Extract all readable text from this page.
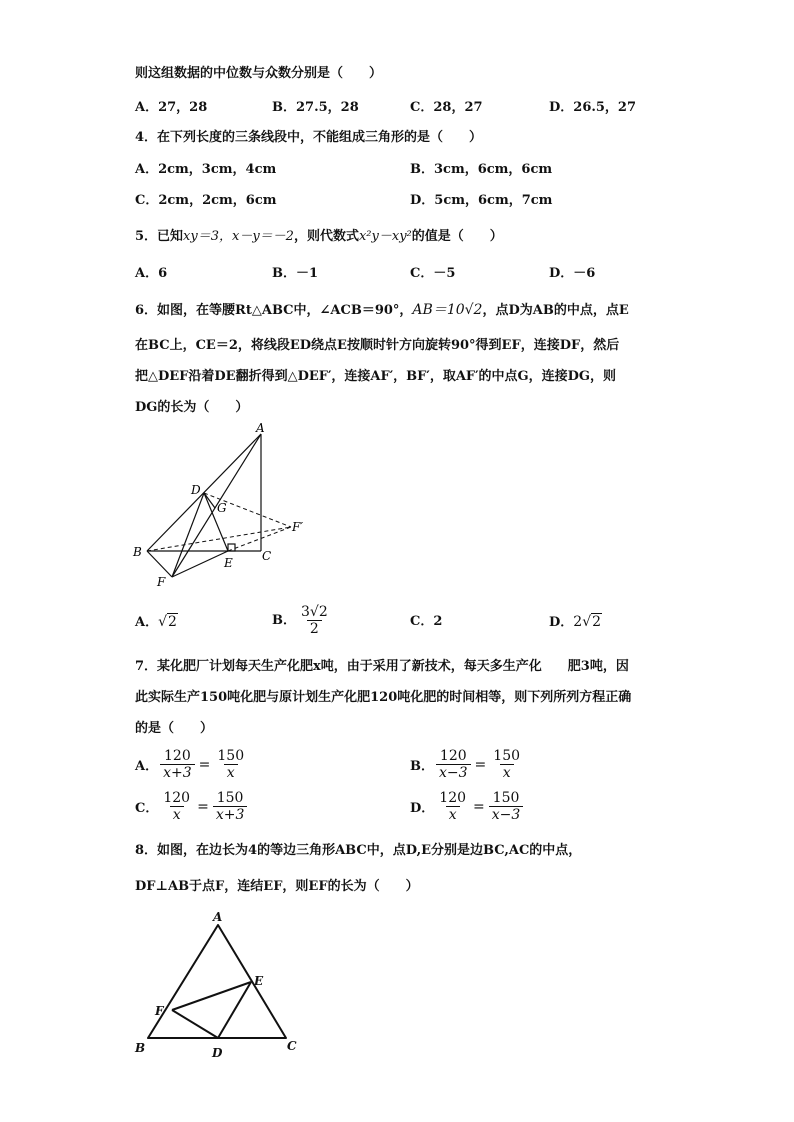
则这组数据的中位数与众数分别是（　　）
A．27，28	B．27.5，28	C．28，27	D．26.5，27
4．在下列长度的三条线段中，不能组成三角形的是（　　）
A．2cm，3cm，4cm	B．3cm，6cm，6cm
C．2cm，2cm，6cm	D．5cm，6cm，7cm
5．已知xy＝3，x－y＝－2，则代数式x²y－xy²的值是（　　）
A．6	B．－1	C．－5	D．－6
6．如图，在等腰Rt△ABC中，∠ACB＝90°，AB＝10√2，点D为AB的中点，点E
在BC上，CE＝2，将线段ED绕点E按顺时针方向旋转90°得到EF，连接DF，然后
把△DEF沿着DE翻折得到△DEF′，连接AF′，BF′，取AF′的中点G，连接DG，则
DG的长为（　　）
A
D
G
F′
B
E C
F
A．√2	B． $\frac{3√2}{2}$	C．2	D．2√2
7．某化肥厂计划每天生产化肥x吨，由于采用了新技术，每天多生产化　　肥3吨，因
此实际生产150吨化肥与原计划生产化肥120吨化肥的时间相等，则下列所列方程正确
的是（　　）
A． $\frac{120}{x+3} = \frac{150}{x}$	B． $\frac{120}{x-3} = \frac{150}{x}$
C． $\frac{120}{x} = \frac{150}{x+3}$	D． $\frac{120}{x} = \frac{150}{x-3}$
8．如图，在边长为4的等边三角形ABC中，点D,E分别是边BC,AC的中点，
DF⊥AB于点F，连结EF，则EF的长为（　　）
A
E
F
B	D	C
